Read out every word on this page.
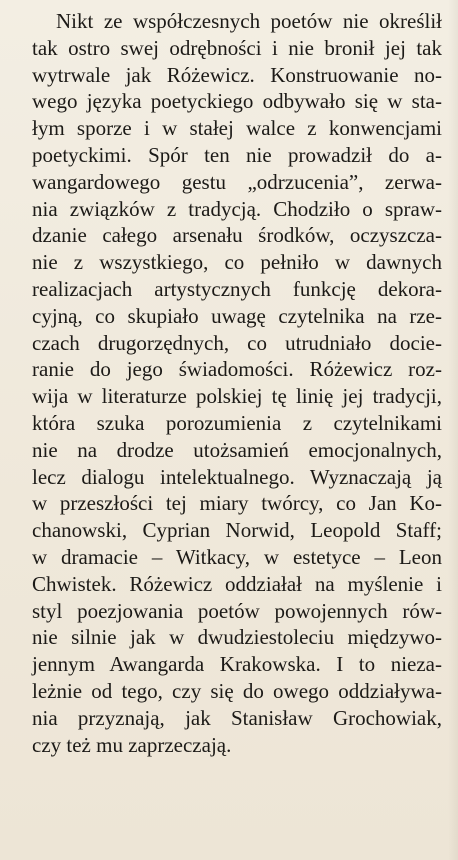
Nikt ze współczesnych poetów nie określił
tak ostro swej odrębności i nie bronił jej tak
wytrwale jak Różewicz. Konstruowanie no-
wego języka poetyckiego odbywało się w sta-
łym sporze i w stałej walce z konwencjami
poetyckimi. Spór ten nie prowadził do a-
wangardowego gestu „odrzucenia”, zerwa-
nia związków z tradycją. Chodziło o spraw-
dzanie całego arsenału środków, oczyszcza-
nie z wszystkiego, co pełniło w dawnych
realizacjach artystycznych funkcję dekora-
cyjną, co skupiało uwagę czytelnika na rze-
czach drugorzędnych, co utrudniało docie-
ranie do jego świadomości. Różewicz roz-
wija w literaturze polskiej tę linię jej tradycji,
która szuka porozumienia z czytelnikami
nie na drodze utożsamień emocjonalnych,
lecz dialogu intelektualnego. Wyznaczają ją
w przeszłości tej miary twórcy, co Jan Ko-
chanowski, Cyprian Norwid, Leopold Staff;
w dramacie – Witkacy, w estetyce – Leon
Chwistek. Różewicz oddziałał na myślenie i
styl poezjowania poetów powojennych rów-
nie silnie jak w dwudziestoleciu międzywo-
jennym Awangarda Krakowska. I to nieza-
leżnie od tego, czy się do owego oddziaływa-
nia przyznają, jak Stanisław Grochowiak,
czy też mu zaprzeczają.
